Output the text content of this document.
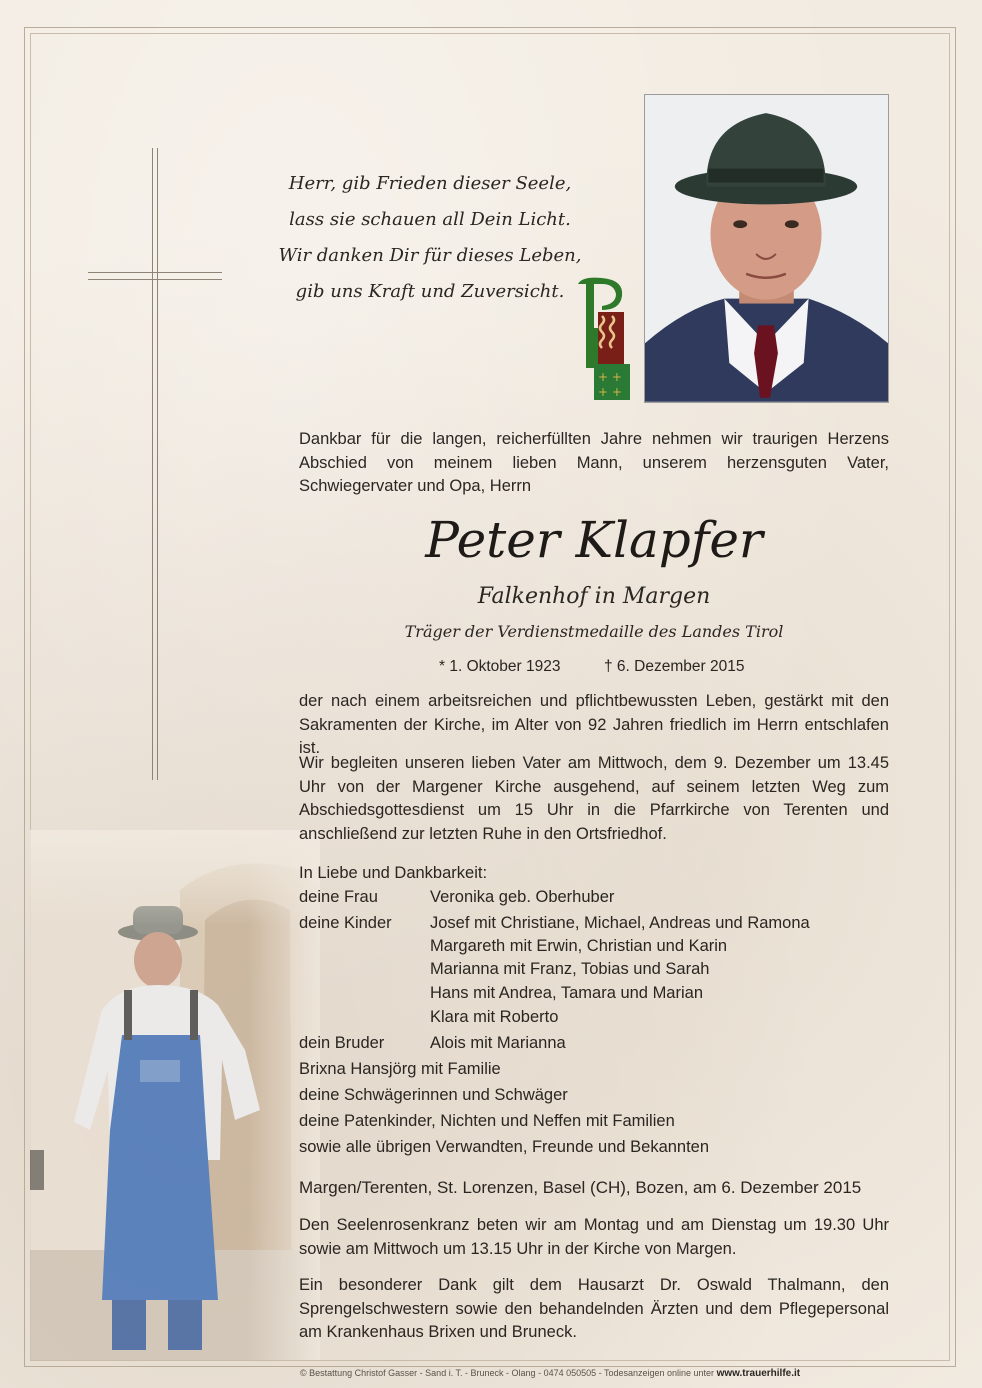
Herr, gib Frieden dieser Seele,
lass sie schauen all Dein Licht.
Wir danken Dir für dieses Leben,
gib uns Kraft und Zuversicht.
+ +
+ +
Dankbar für die langen, reicherfüllten Jahre nehmen wir traurigen Herzens Abschied von meinem lieben Mann, unserem herzensguten Vater, Schwiegervater und Opa, Herrn
Peter Klapfer
Falkenhof in Margen
Träger der Verdienstmedaille des Landes Tirol
* 1. Oktober 1923	† 6. Dezember 2015
der nach einem arbeitsreichen und pflichtbewussten Leben, gestärkt mit den Sakramenten der Kirche, im Alter von 92 Jahren friedlich im Herrn entschlafen ist.
Wir begleiten unseren lieben Vater am Mittwoch, dem 9. Dezember um 13.45 Uhr von der Margener Kirche ausgehend, auf seinem letzten Weg zum Abschiedsgottesdienst um 15 Uhr in die Pfarrkirche von Terenten und anschließend zur letzten Ruhe in den Ortsfriedhof.
In Liebe und Dankbarkeit:
deine Frau	Veronika geb. Oberhuber
deine Kinder Josef mit Christiane, Michael, Andreas und Ramona
Margareth mit Erwin, Christian und Karin
Marianna mit Franz, Tobias und Sarah
Hans mit Andrea, Tamara und Marian
Klara mit Roberto
dein Bruder	Alois mit Marianna
Brixna Hansjörg mit Familie
deine Schwägerinnen und Schwäger
deine Patenkinder, Nichten und Neffen mit Familien
sowie alle übrigen Verwandten, Freunde und Bekannten
Margen/Terenten, St. Lorenzen, Basel (CH), Bozen, am 6. Dezember 2015
Den Seelenrosenkranz beten wir am Montag und am Dienstag um 19.30 Uhr sowie am Mittwoch um 13.15 Uhr in der Kirche von Margen.
Ein besonderer Dank gilt dem Hausarzt Dr. Oswald Thalmann, den Sprengelschwestern sowie den behandelnden Ärzten und dem Pflegepersonal am Krankenhaus Brixen und Bruneck.
© Bestattung Christof Gasser - Sand i. T. - Bruneck - Olang - 0474 050505 - Todesanzeigen online unter www.trauerhilfe.it
